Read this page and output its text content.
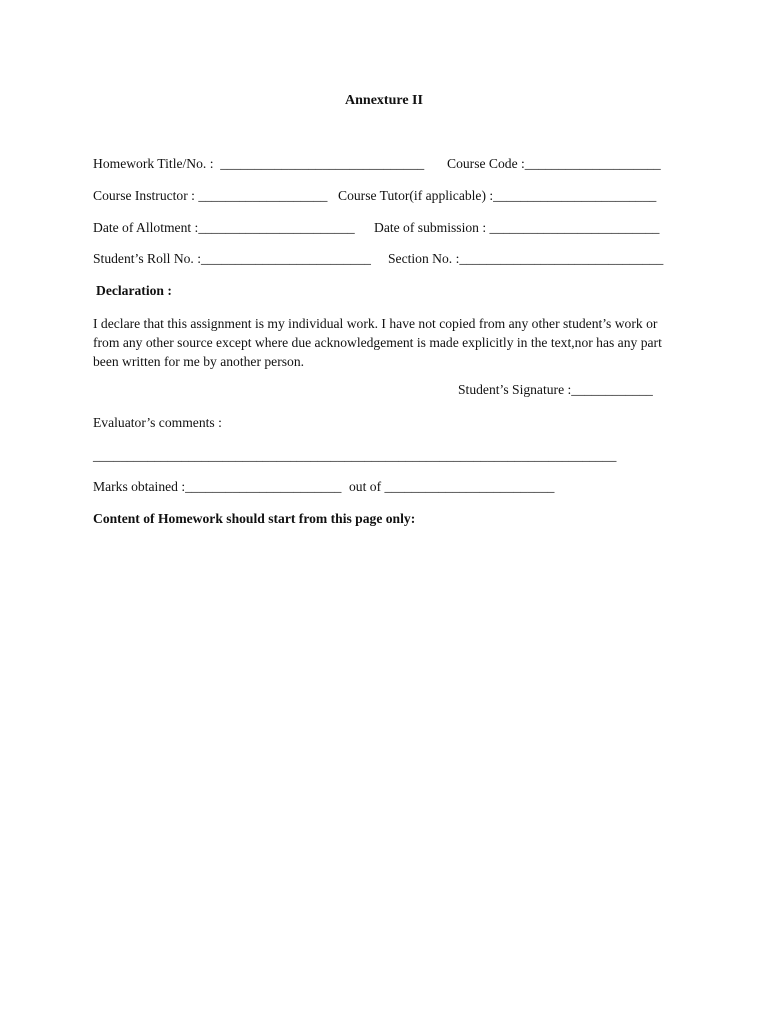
Annexture II
Homework Title/No. :  ______________________________ Course Code :____________________
Course Instructor : ___________________ Course Tutor(if applicable) :________________________
Date of Allotment :_______________________ Date of submission : _________________________
Student’s Roll No. :_________________________ Section No. :______________________________
Declaration :
I declare that this assignment is my individual work. I have not copied from any other student’s work or from any other source except where due acknowledgement is made explicitly in the text,nor has any part been written for me by another person.
Student’s Signature :____________
Evaluator’s comments :
_____________________________________________________________________________
Marks obtained :_______________________ out of _________________________
Content of Homework should start from this page only:
